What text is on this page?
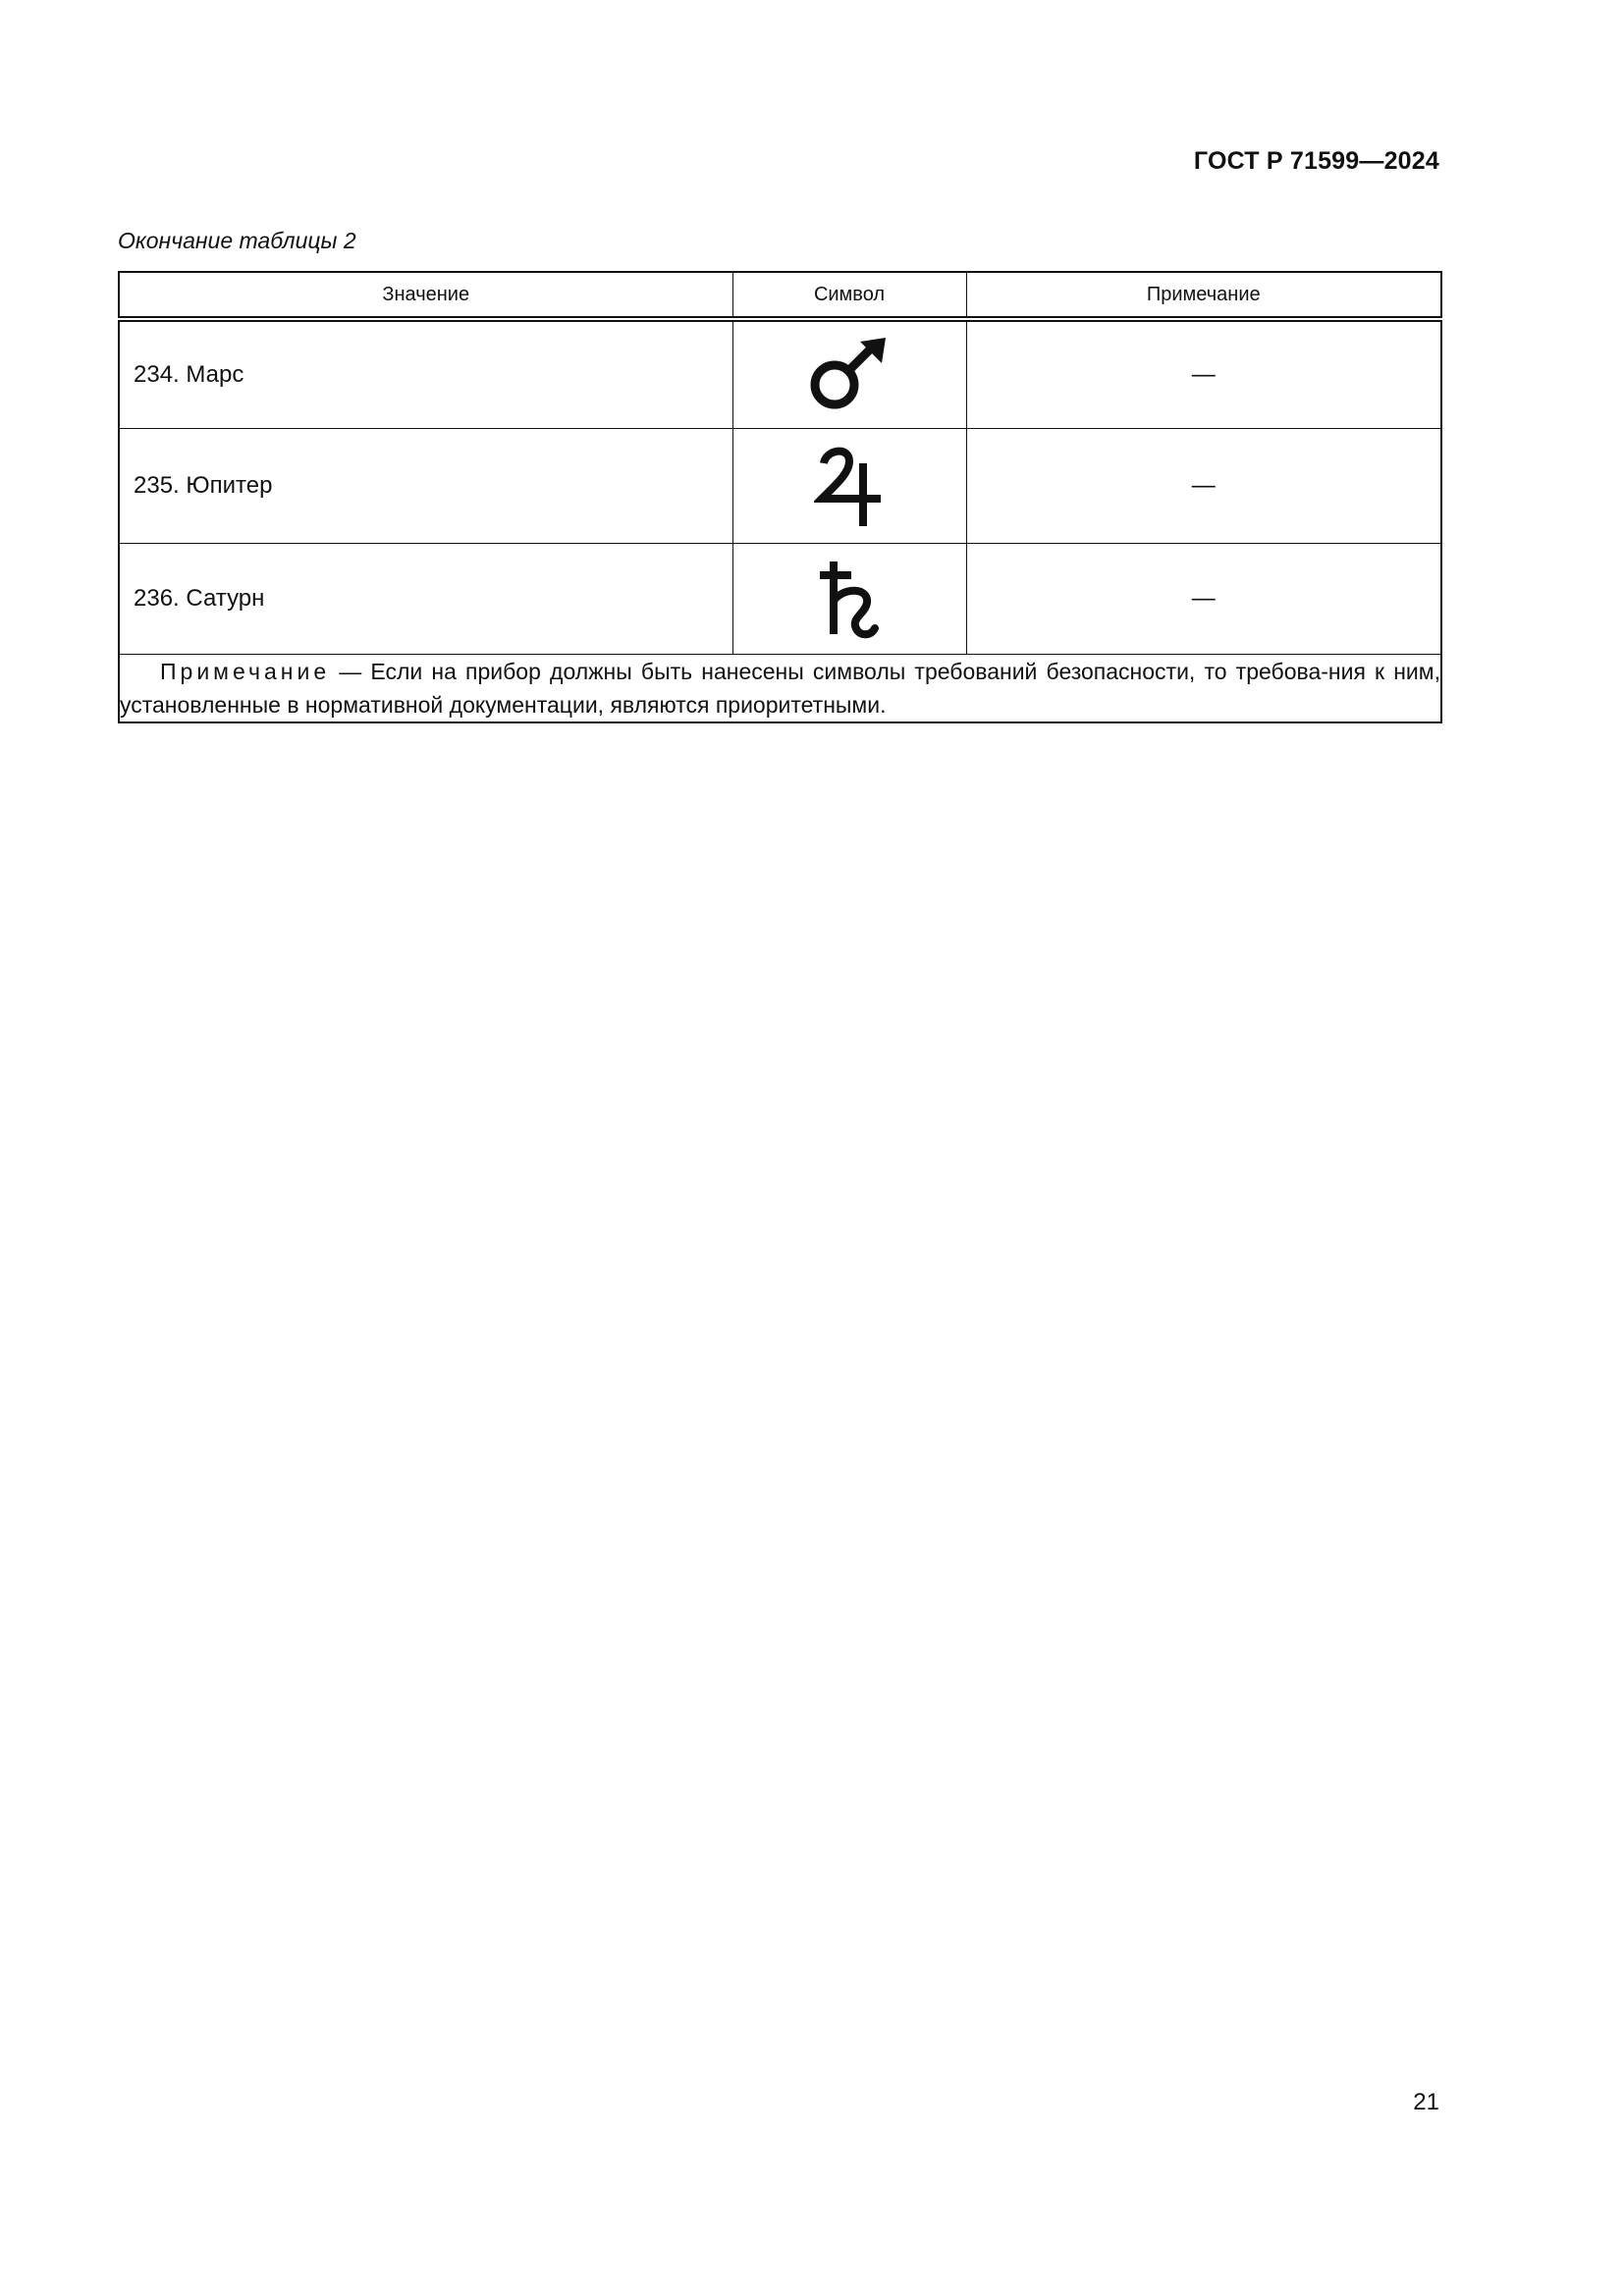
ГОСТ Р 71599—2024
Окончание таблицы 2
Значение	Символ	Примечание
234. Марс		—
235. Юпитер		—
236. Сатурн		—
Примечание — Если на прибор должны быть нанесены символы требований безопасности, то требова-ния к ним, установленные в нормативной документации, являются приоритетными.		
21
